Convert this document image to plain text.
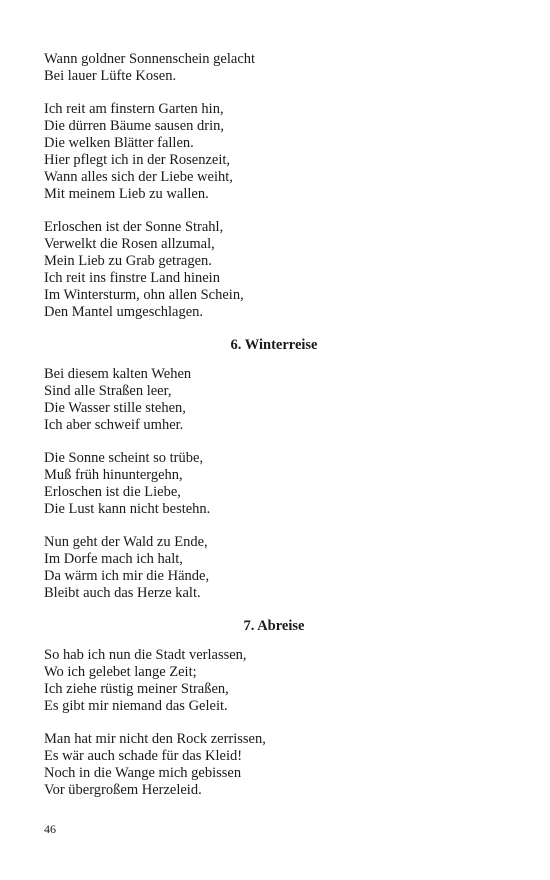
Wann goldner Sonnenschein gelacht
Bei lauer Lüfte Kosen.
Ich reit am finstern Garten hin,
Die dürren Bäume sausen drin,
Die welken Blätter fallen.
Hier pflegt ich in der Rosenzeit,
Wann alles sich der Liebe weiht,
Mit meinem Lieb zu wallen.
Erloschen ist der Sonne Strahl,
Verwelkt die Rosen allzumal,
Mein Lieb zu Grab getragen.
Ich reit ins finstre Land hinein
Im Wintersturm, ohn allen Schein,
Den Mantel umgeschlagen.
6. Winterreise
Bei diesem kalten Wehen
Sind alle Straßen leer,
Die Wasser stille stehen,
Ich aber schweif umher.
Die Sonne scheint so trübe,
Muß früh hinuntergehn,
Erloschen ist die Liebe,
Die Lust kann nicht bestehn.
Nun geht der Wald zu Ende,
Im Dorfe mach ich halt,
Da wärm ich mir die Hände,
Bleibt auch das Herze kalt.
7. Abreise
So hab ich nun die Stadt verlassen,
Wo ich gelebet lange Zeit;
Ich ziehe rüstig meiner Straßen,
Es gibt mir niemand das Geleit.
Man hat mir nicht den Rock zerrissen,
Es wär auch schade für das Kleid!
Noch in die Wange mich gebissen
Vor übergroßem Herzeleid.
46
